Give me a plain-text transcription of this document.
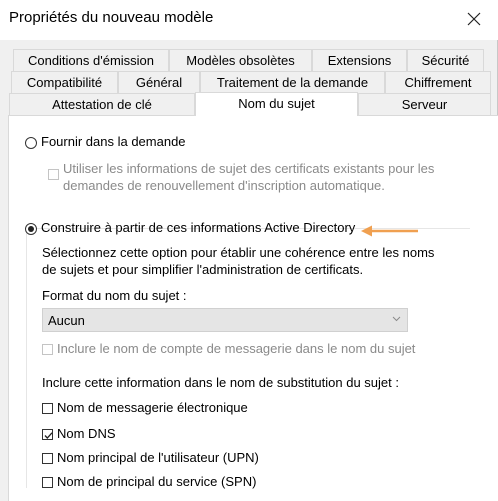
Propriétés du nouveau modèle
Conditions d'émission	Modèles obsolètes	Extensions	Sécurité
Compatibilité	Général	Traitement de la demande	Chiffrement
Attestation de clé	Nom du sujet	Serveur
Fournir dans la demande
Utiliser les informations de sujet des certificats existants pour les
demandes de renouvellement d'inscription automatique.
Construire à partir de ces informations Active Directory
Sélectionnez cette option pour établir une cohérence entre les noms
de sujets et pour simplifier l'administration de certificats.
Format du nom du sujet :
Aucun
Inclure le nom de compte de messagerie dans le nom du sujet
Inclure cette information dans le nom de substitution du sujet :
Nom de messagerie électronique
Nom DNS
Nom principal de l'utilisateur (UPN)
Nom de principal du service (SPN)
